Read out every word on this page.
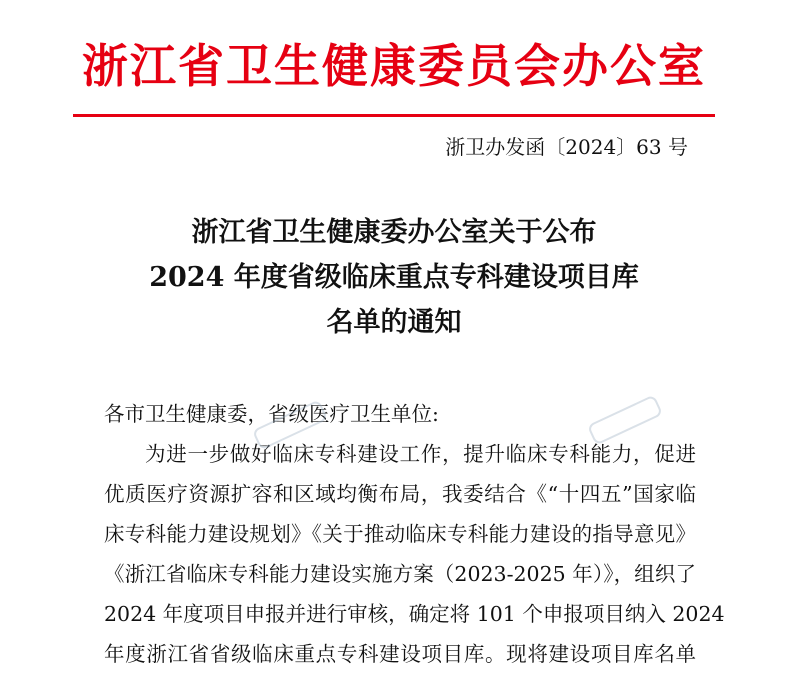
浙江省卫生健康委员会办公室
浙卫办发函〔2024〕63 号
浙江省卫生健康委办公室关于公布
2024 年度省级临床重点专科建设项目库
名单的通知
各市卫生健康委，省级医疗卫生单位:
为进一步做好临床专科建设工作，提升临床专科能力，促进
优质医疗资源扩容和区域均衡布局，我委结合《“十四五”国家临
床专科能力建设规划》《关于推动临床专科能力建设的指导意见》
《浙江省临床专科能力建设实施方案（2023-2025 年）》，组织了
2024 年度项目申报并进行审核，确定将 101 个申报项目纳入 2024
年度浙江省省级临床重点专科建设项目库。现将建设项目库名单
